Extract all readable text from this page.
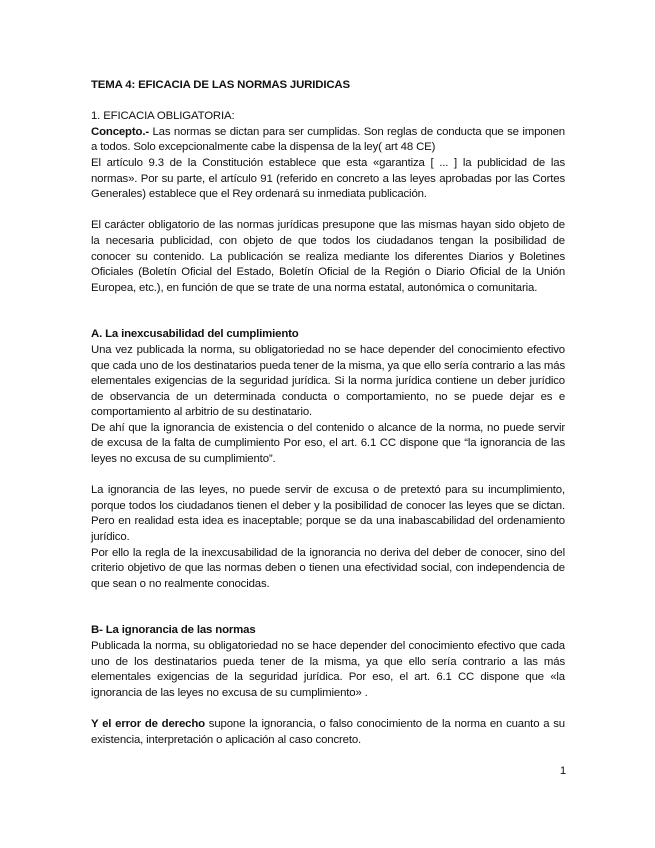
TEMA 4: EFICACIA DE LAS NORMAS JURIDICAS

1. EFICACIA OBLIGATORIA:

Concepto.- Las normas se dictan para ser cumplidas. Son reglas de conducta que se imponen a todos. Solo excepcionalmente cabe la dispensa de la ley( art 48 CE)

El artículo 9.3 de la Constitución establece que esta «garantiza [ ... ] la publicidad de las normas». Por su parte, el artículo 91 (referido en concreto a las leyes aprobadas por las Cortes Generales) establece que el Rey ordenará su inmediata publicación.

El carácter obligatorio de las normas jurídicas presupone que las mismas hayan sido objeto de la necesaria publicidad, con objeto de que todos los ciudadanos tengan la posibilidad de conocer su contenido. La publicación se realiza mediante los diferentes Diarios y Boletines Oficiales (Boletín Oficial del Estado, Boletín Oficial de la Región o Diario Oficial de la Unión Europea, etc.), en función de que se trate de una norma estatal, autonómica o comunitaria.

A. La inexcusabilidad del cumplimiento

Una vez publicada la norma, su obligatoriedad no se hace depender del conocimiento efectivo que cada uno de los destinatarios pueda tener de la misma, ya que ello sería contrario a las más elementales exigencias de la seguridad jurídica. Si la norma jurídica contiene un deber jurídico de observancia de un determinada conducta o comportamiento, no se puede dejar es e comportamiento al arbitrio de su destinatario.

De ahí que la ignorancia de existencia o del contenido o alcance de la norma, no puede servir de excusa de la falta de cumplimiento Por eso, el art. 6.1 CC dispone que “la ignorancia de las leyes no excusa de su cumplimiento”.

La ignorancia de las leyes, no puede servir de excusa o de pretextó para su incumplimiento, porque todos los ciudadanos tienen el deber y la posibilidad de conocer las leyes que se dictan. Pero en realidad esta idea es inaceptable; porque se da una inabascabilidad del ordenamiento jurídico.

Por ello la regla de la inexcusabilidad de la ignorancia no deriva del deber de conocer, sino del criterio objetivo de que las normas deben o tienen una efectividad social, con independencia de que sean o no realmente conocidas.

B- La ignorancia de las normas

Publicada la norma, su obligatoriedad no se hace depender del conocimiento efectivo que cada uno de los destinatarios pueda tener de la misma, ya que ello sería contrario a las más elementales exigencias de la seguridad jurídica. Por eso, el art. 6.1 CC dispone que «la ignorancia de las leyes no excusa de su cumplimiento» .

Y el error de derecho supone la ignorancia, o falso conocimiento de la norma en cuanto a su existencia, interpretación o aplicación al caso concreto.

1
